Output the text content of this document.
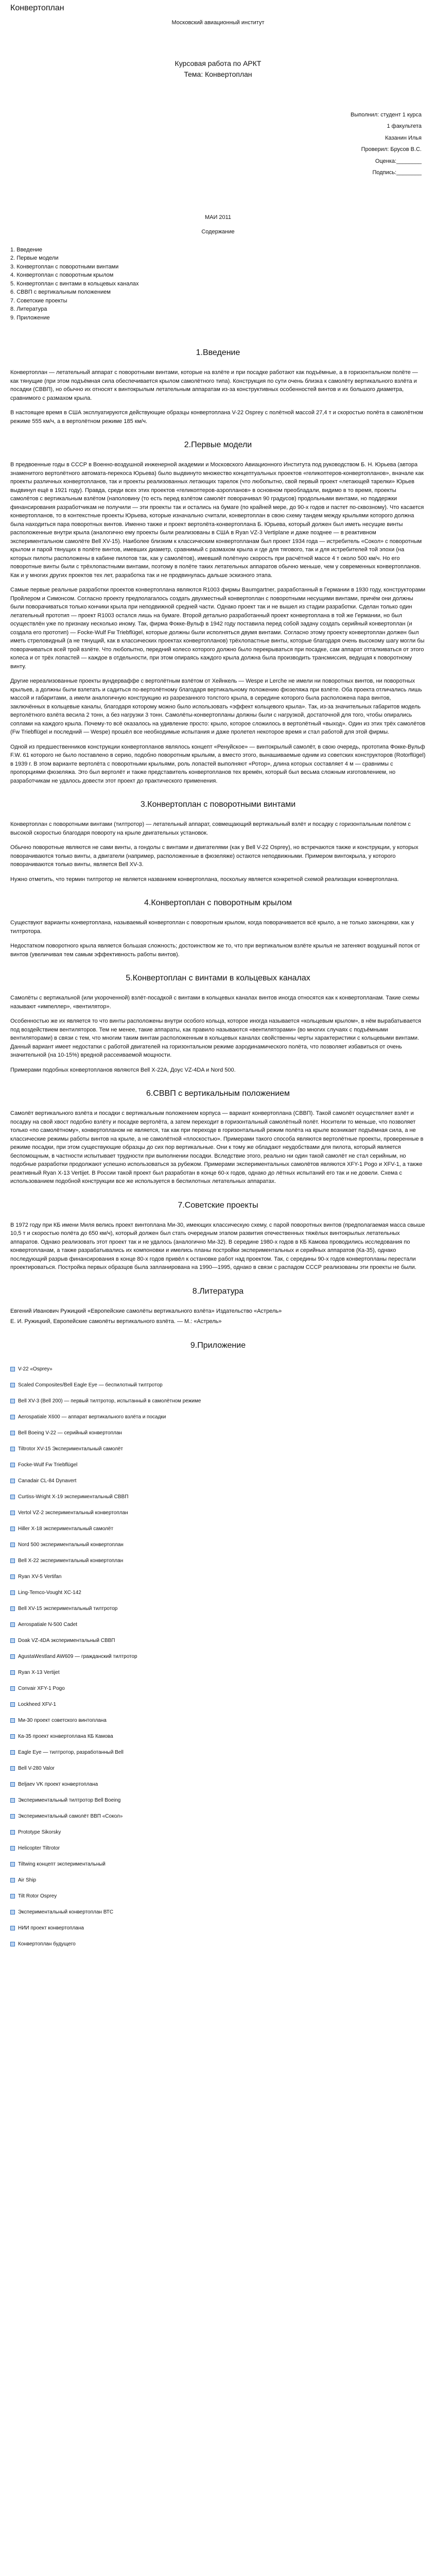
Конвертоплан
Московский авиационный институт
Курсовая работа по АРКТ
Тема: Конвертоплан
Выполнил: студент 1 курса
1 факультета
Казанин Илья
Проверил: Брусов В.С.
Оценка:________
Подпись:________
МАИ 2011
Содержание
1. Введение
2. Первые модели
3. Конвертоплан с поворотными винтами
4. Конвертоплан с поворотным крылом
5. Конвертоплан с винтами в кольцевых каналах
6. СВВП с вертикальным положением
7. Советские проекты
8. Литература
9. Приложение
1.Введение

Конвертоплан — летательный аппарат с поворотными винтами, которые на взлёте и при посадке работают как подъёмные, а в горизонтальном полёте — как тянущие (при этом подъёмная сила обеспечивается крылом самолётного типа). Конструкция по сути очень близка к самолёту вертикального взлёта и посадки (СВВП), но обычно их относят к винтокрылым летательным аппаратам из-за конструктивных особенностей винтов и их большого диаметра, сравнимого с размахом крыла.

В настоящее время в США эксплуатируются действующие образцы конвертоплана V-22 Osprey с полётной массой 27,4 т и скоростью полёта в самолётном режиме 555 км/ч, а в вертолётном режиме 185 км/ч.

2.Первые модели

В предвоенные годы в СССР в Военно-воздушной инженерной академии и Московского Авиационного Института под руководством Б. Н. Юрьева (автора знаменитого вертолётного автомата-перекоса Юрьева) было выдвинуто множество концептуальных проектов «геликоптеров-конвертопланов», вначале как проекты различных конвертопланов, так и проекты реализованных летающих тарелок (что любопытно, свой первый проект «летающей тарелки» Юрьев выдвинул ещё в 1921 году). Правда, среди всех этих проектов «геликоптеров-аэропланов» в основном преобладали, видимо в то время, проекты самолётов с вертикальным взлётом (наполовину (то есть перед взлётом самолёт поворачивал 90 градусов) продольными винтами, но поддержки финансирования разработчикам не получили — эти проекты так и остались на бумаге (по крайней мере, до 90-х годов и пастет по-сквозному). Что касается конвертопланов, то в контекстные проекты Юрьева, которые изначально считали, конвертоплан в свою схему тандем между крыльями которого должна была находиться пара поворотных винтов. Именно также и проект вертолёта-конвертоплана Б. Юрьева, который должен был иметь несущие винты расположенные внутри крыла (аналогично ему проекты были реализованы в США в Ryan VZ-3 Vertiplane и даже позднее — в реактивном экспериментальном самолёте Bell XV-15). Наиболее близким к классическим конвертопланам был проект 1934 года — истребитель «Сокол» с поворотным крылом и парой тянущих в полёте винтов, имевших диаметр, сравнимый с размахом крыла и где для тягового, так и для истребителей той эпохи (на которых пилоты расположены в кабине пилотов так, как у самолётов), имевший полётную скорость при расчётной массе 4 т около 500 км/ч. Но его поворотные винты были с трёхлопастными винтами, поэтому в полёте таких летательных аппаратов обычно меньше, чем у современных конвертопланов. Как и у многих других проектов тех лет, разработка так и не продвинулась дальше эскизного этапа.

Самые первые реальные разработки проектов конвертоплана являются R1003 фирмы Baumgartner, разработанный в Германии в 1930 году, конструкторами Пройлером и Симонсом. Согласно проекту предполагалось создать двухместный конвертоплан с поворотными несущими винтами, причём они должны были поворачиваться только кончики крыла при неподвижной средней части. Однако проект так и не вышел из стадии разработки. Сделан только один летательный прототип — проект R1003 остался лишь на бумаге. Второй детально разработанный проект конвертоплана в той же Германии, но был осуществлён уже по признаку несколько иному. Так, фирма Фокке-Вульф в 1942 году поставила перед собой задачу создать серийный конвертоплан (и создала его прототип) — Focke-Wulf Fw Triebflügel, которые должны были исполняться двумя винтами. Согласно этому проекту конвертоплан должен был иметь стреловидный (а не тянущий, как в классических проектах конвертопланов) трёхлопастные винты, которые благодаря очень высокому шагу могли бы поворачиваться всей трой взлёте. Что любопытно, передний колесо которого должно было перекрываться при посадке, сам аппарат отталкиваться от этого колеса и от трёх лопастей — каждое в отдельности, при этом опираясь каждого крыла должна была производить трансмиссия, ведущая к поворотному винту.

Другие нереализованные проекты вундерваффе с вертолётным взлётом от Хейнкель — Wespe и Lerche не имели ни поворотных винтов, ни поворотных крыльев, а должны были взлетать и садиться по-вертолётному благодаря вертикальному положению фюзеляжа при взлёте. Оба проекта отличались лишь массой и габаритами, а имели аналогичную конструкцию из разрезанного толстого крыла, в середине которого была расположена пара винтов, заключённых в кольцевые каналы, благодаря которому можно было использовать «эффект кольцевого крыла». Так, из-за значительных габаритов модель вертолётного взлёта весила 2 тонн, а без нагрузки 3 тонн. Самолёты-конвертопланы должны были с нагрузкой, достаточной для того, чтобы опирались соплами на каждого крыла. Почему-то всё оказалось на удивление просто: крыло, которое сложилось в вертолётный «выход». Один из этих трёх самолётов (Fw Triebflügel и последний — Wespe) прошёл все необходимые испытания и даже пролетел некоторое время и стал работой для этой фирмы.

Одной из предшественников конструкции конвертопланов являлось концепт «Ренуйское» — винтокрылый самолёт, в свою очередь, прототипа Фокке-Вульф F.W. 61 которого не было поставлено в серию, подобно поворотным крыльям, а вместо этого, вынашиваемые одним из советских конструкторов (Rotorflügel) в 1939 г. В этом варианте вертолёта с поворотными крыльями, роль лопастей выполняют «Ротор», длина которых составляет 4 м — сравнимы с пропорциями фюзеляжа. Это был вертолёт и также представитель конвертопланов тех времён, который был весьма сложным изготовлением, но разработчикам не удалось довести этот проект до практического применения.

3.Конвертоплан с поворотными винтами

Конвертоплан с поворотными винтами (тилтротор) — летательный аппарат, совмещающий вертикальный взлёт и посадку с горизонтальным полётом с высокой скоростью благодаря повороту на крыле двигательных установок.

Обычно поворотные являются не сами винты, а гондолы с винтами и двигателями (как у Bell V-22 Osprey), но встречаются также и конструкции, у которых поворачиваются только винты, а двигатели (например, расположенные в фюзеляже) остаются неподвижными. Примером винтокрыла, у которого поворачиваются только винты, является Bell XV-3.

Нужно отметить, что термин тилтротор не является названием конвертоплана, поскольку является конкретной схемой реализации конвертоплана.

4.Конвертоплан с поворотным крылом

Существуют варианты конвертоплана, называемый конвертоплан с поворотным крылом, когда поворачивается всё крыло, а не только законцовки, как у тилтротора.

Недостатком поворотного крыла является большая сложность; достоинством же то, что при вертикальном взлёте крылья не затеняют воздушный поток от винтов (увеличивая тем самым эффективность работы винтов).

5.Конвертоплан с винтами в кольцевых каналах

Самолёты с вертикальной (или укороченной) взлёт-посадкой с винтами в кольцевых каналах винтов иногда относятся как к конвертопланам. Такие схемы называют «импеллер», «вентилятор».

Особенностью же их является то что винты расположены внутри особого кольца, которое иногда называется «кольцевым крылом», в нём вырабатывается под воздействием вентиляторов. Тем не менее, такие аппараты, как правило называются «вентиляторами» (во многих случаях с подъёмными вентиляторами) в связи с тем, что многим таким винтам расположенным в кольцевых каналах свойственны черты характеристики с кольцевыми винтами. Данный вариант имеет недостатки с работой двигателей на горизонтальном режиме аэродинамического полёта, что позволяет избавиться от очень значительной (на 10-15%) вредной рассеиваемой мощности.

Примерами подобных конвертопланов являются Bell X-22A, Доуc VZ-4DA и Nord 500.

6.СВВП с вертикальным положением

Самолёт вертикального взлёта и посадки с вертикальным положением корпуса — вариант конвертоплана (СВВП). Такой самолёт осуществляет взлёт и посадку на свой хвост подобно взлёту и посадке вертолёта, а затем переходит в горизонтальный самолётный полёт. Носители то меньше, что позволяет только «по самолётному», конвертопланом не является, так как при переходе в горизонтальный режим полёта на крыле возникает подъёмная сила, а не классические режимы работы винтов на крыле, а не самолётной «плоскостью». Примерами такого способа являются вертолётные проекты, проверенные в режиме посадки, при этом существующие образцы до сих пор вертикальные. Они к тому же обладают неудобствами для пилота, который является беспомощным, в частности испытывает трудности при выполнении посадки. Вследствие этого, реально ни один такой самолёт не стал серийным, но подобные разработки продолжают успешно использоваться за рубежом. Примерами экспериментальных самолётов являются XFY-1 Pogo и XFV-1, а также реактивный Ryan X-13 Vertijet. В России такой проект был разработан в конце 60-х годов, однако до лётных испытаний его так и не довели. Схема с использованием подобной конструкции все же используется в беспилотных летательных аппаратах.

7.Советские проекты

В 1972 году при КБ имени Миля велись проект винтоплана Ми-30, имеющих классическую схему, с парой поворотных винтов (предполагаемая масса свыше 10,5 т и скоростью полёта до 650 км/ч), который должен был стать очередным этапом развития отечественных тяжёлых винтокрылых летательных аппаратов. Однако реализовать этот проект так и не удалось (аналогично Ми-32). В середине 1980-х годов в КБ Камова проводились исследования по конвертопланам, а также разрабатывались их компоновки и имелись планы постройки экспериментальных и серийных аппаратов (Ка-35), однако последующий разрыв финансирования в конце 80-х годов привёл к остановке работ над проектом. Так, с середины 90-х годов конвертопланы перестали проектироваться. Постройка первых образцов была запланирована на 1990—1995, однако в связи с распадом СССР реализованы эти проекты не были.

8.Литература

Евгений Иванович Ружицкий «Европейские самолёты вертикального взлёта» Издательство «Астрель»

Е. И. Ружицкий, Европейские самолёты вертикального взлёта. — М.: «Астрель»

9.Приложение
V-22 «Osprey»
Scaled Composites/Bell Eagle Eye — беспилотный тилтротор
Bell XV-3 (Bell 200) — первый тилтротор, испытанный в самолётном режиме
Aerospatiale X600 — аппарат вертикального взлёта и посадки
Bell Boeing V-22 — серийный конвертоплан
Tiltrotor XV-15 Экспериментальный самолёт
Focke-Wulf Fw Triebflügel
Canadair CL-84 Dynavert
Curtiss-Wright X-19 экспериментальный СВВП
Vertol VZ-2 экспериментальный конвертоплан
Hiller X-18 экспериментальный самолёт
Nord 500 экспериментальный конвертоплан
Bell X-22 экспериментальный конвертоплан
Ryan XV-5 Vertifan
Ling-Temco-Vought XC-142
Bell XV-15 экспериментальный тилтротор
Aerospatiale N-500 Cadet
Doak VZ-4DA экспериментальный СВВП
AgustaWestland AW609 — гражданский тилтротор
Ryan X-13 Vertijet
Convair XFY-1 Pogo
Lockheed XFV-1
Ми-30 проект советского винтоплана
Ка-35 проект конвертоплана КБ Камова
Eagle Eye — тилтротор, разработанный Bell
Bell V-280 Valor
Beljaev VK проект конвертоплана
Экспериментальный тилтротор Bell Boeing
Экспериментальный самолёт ВВП «Сокол»
Prototype Sikorsky
Helicopter Tiltrotor
Tiltwing концепт экспериментальный
Air Ship
Tilt Rotor Osprey
Экспериментальный конвертоплан ВТС
НИИ проект конвертоплана
Конвертоплан будущего
